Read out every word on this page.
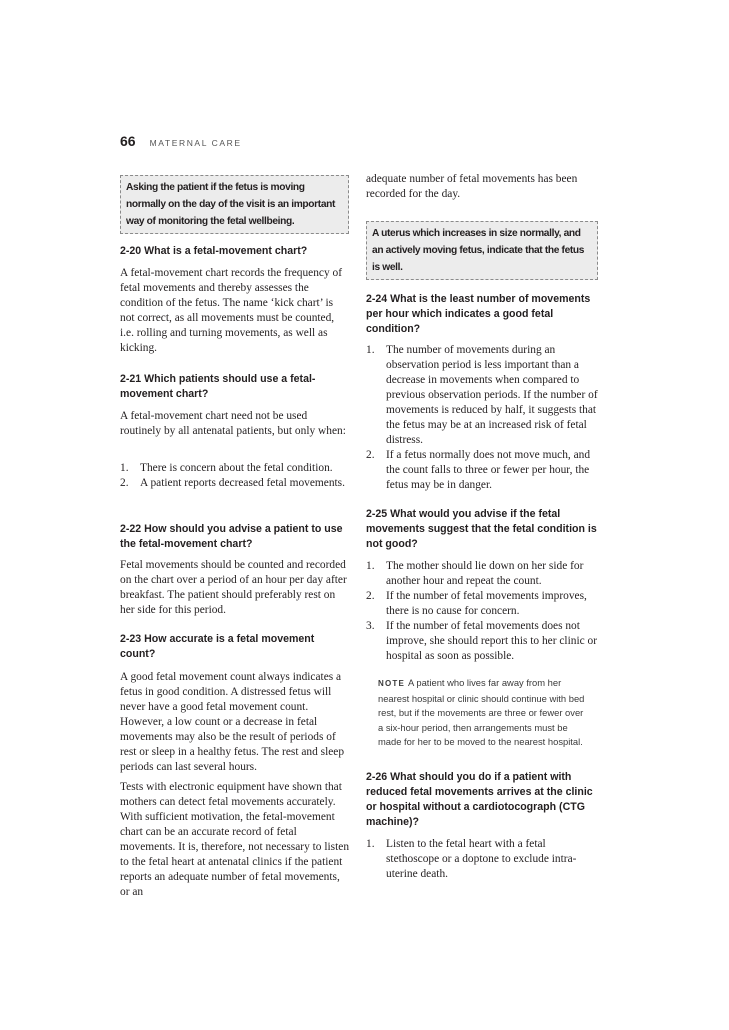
66 MATERNAL CARE
Asking the patient if the fetus is moving normally on the day of the visit is an important way of monitoring the fetal wellbeing.
2-20 What is a fetal-movement chart?

A fetal-movement chart records the frequency of fetal movements and thereby assesses the condition of the fetus. The name ‘kick chart’ is not correct, as all movements must be counted, i.e. rolling and turning movements, as well as kicking.

2-21 Which patients should use a fetal-movement chart?

A fetal-movement chart need not be used routinely by all antenatal patients, but only when:

1. There is concern about the fetal condition.
2. A patient reports decreased fetal movements.
2-22 How should you advise a patient to use the fetal-movement chart?

Fetal movements should be counted and recorded on the chart over a period of an hour per day after breakfast. The patient should preferably rest on her side for this period.

2-23 How accurate is a fetal movement count?

A good fetal movement count always indicates a fetus in good condition. A distressed fetus will never have a good fetal movement count. However, a low count or a decrease in fetal movements may also be the result of periods of rest or sleep in a healthy fetus. The rest and sleep periods can last several hours.

Tests with electronic equipment have shown that mothers can detect fetal movements accurately. With sufficient motivation, the fetal-movement chart can be an accurate record of fetal movements. It is, therefore, not necessary to listen to the fetal heart at antenatal clinics if the patient reports an adequate number of fetal movements, or an

adequate number of fetal movements has been recorded for the day.

A uterus which increases in size normally, and an actively moving fetus, indicate that the fetus is well.
2-24 What is the least number of movements per hour which indicates a good fetal condition?
1. The number of movements during an observation period is less important than a decrease in movements when compared to previous observation periods. If the number of movements is reduced by half, it suggests that the fetus may be at an increased risk of fetal distress.
2. If a fetus normally does not move much, and the count falls to three or fewer per hour, the fetus may be in danger.
2-25 What would you advise if the fetal movements suggest that the fetal condition is not good?
1. The mother should lie down on her side for another hour and repeat the count.
2. If the number of fetal movements improves, there is no cause for concern.
3. If the number of fetal movements does not improve, she should report this to her clinic or hospital as soon as possible.
NOTE A patient who lives far away from her nearest hospital or clinic should continue with bed rest, but if the movements are three or fewer over a six-hour period, then arrangements must be made for her to be moved to the nearest hospital.
2-26 What should you do if a patient with reduced fetal movements arrives at the clinic or hospital without a cardiotocograph (CTG machine)?
1. Listen to the fetal heart with a fetal stethoscope or a doptone to exclude intra-uterine death.
